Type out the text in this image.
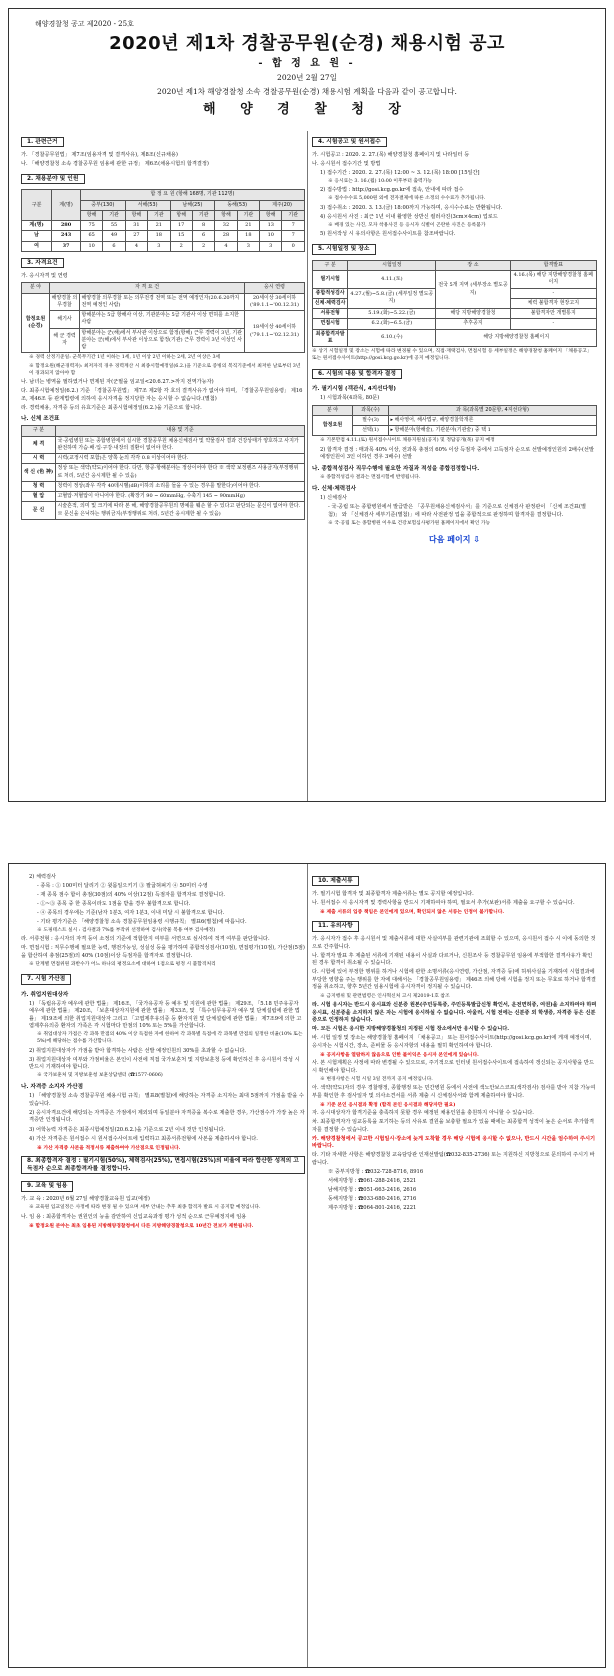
해양경찰청 공고 제2020 - 25호
2020년 제1차 경찰공무원(순경) 채용시험 공고
- 합 정 요 원 -
2020년 2월 27일
2020년 제1차 해양경찰청 소속 경찰공무원(순경) 채용시험 계획을 다음과 같이 공고합니다.
해 양 경 찰 청 장
1. 관련근거

가. 「경찰공무원법」 제7조(임용자격 및 결격사유), 제8조(신규채용)

나. 「해양경찰청 소속 경찰공무원 임용에 관한 규정」 제6조(채용시험의 합격결정)

2. 채용분야 및 인원
구분	계(명)	합 정 요 원 (항해 168명, 기관 112명)									
		중부(130)		서해(53)		남해(25)		동해(53)		제주(20)	
		항해	기관	항해	기관	항해	기관	항해	기관	항해	기관
계(명)	280	75	55	31	21	17	8	32	21	13	7
남	243	65	49	27	18	15	6	28	18	10	7
여	37	10	6	4	3	2	2	4	3	3	0
3. 자격요건

가. 응시자격 및 연령

분 야	자 격 요 건		응시 연령
함정요원(순경)	해양경찰 의무경찰	해양경찰 의무경찰 또는 의무전경 전역 또는 전역 예정인자(20.6.20까지 전역 예정인 사람)	20세이상 30세이하 ('89.1.1~'00.12.31)
	해기사	항해분야는 5급 항해사 이상, 기관분야는 5급 기관사 이상 면허를 소지한 사람	18세이상 40세이하 ('79.1.1~'02.12.31)
	해 군 경력자	항해분야는 군(해)에서 부사관 이상으로 함정(항해) 근무 경력이 3년, 기관분야는 군(해)에서 부사관 이상으로 함정(기관) 근무 경력이 3년 이상인 사람	

※ 경력 산정기준일: 군복무기간 1년 이하는 1세, 1년 이상 2년 이하는 2세, 2년 이상은 3세

※ 함정요원(해군경력자): 최저자격 경우 경력계산 시 최종시험예정일(6.2.)을 기준으로 증빙의 복직기준에서 최저한 날로부터 3년이 경과되지 않아야 함

나. 남녀는 병역을 필하였거나 면제된 자(군필을 임교일<20.6.27.>까지 전역가능자)

다. 최종시험예정일(6.2.) 기준 「경찰공무원법」 제7조 제2항 각 호의 결격사유가 없어야 하며, 「경찰공무원임용령」 제16조, 제46조 등 관계법령에 의하여 응시자격을 정지당한 자는 응시할 수 없습니다.(별첨)

라. 경력채용, 자격증 등의 유효기준은 최종시험예정일(6.2.)을 기준으로 합니다.

나. 신체 조건표
구 분	내용 및 기준
체 격	국·공립병원 또는 종합병원에서 실시한 경찰공무원 채용신체검사 및 약물검사 결과 건강상태가 양호하고 사지가 완전하며 가슴·배·입·구강·내장의 질환이 없어야 한다.
시 력	시력(교정시력 포함)은 양쪽 눈의 각각 0.8 이상이어야 한다.
색 신 (色 神)	정상 또는 색약(약도)이어야 한다. 다만, 항공·항해분야는 정상이어야 한다 ※ 색약 보정렌즈 사용금지(부정행위로 처리, 5년간 응시제한 될 수 있음)
청 력	청력이 정상(좌우 각각 40데시벨(dB)이하의 소리를 들을 수 있는 경우를 말한다)이어야 한다.
혈 압	고혈압·저혈압이 아니어야 한다. (확장기 90 ~ 60mmHg, 수축기 145 ~ 90mmHg)
문 신	시술흔적, 의미 및 크기에 따라 본 해, 해양경찰공무원의 명예를 훼손 할 수 있다고 판단되는 문신이 없어야 한다. ※ 문신을 은닉하는 행위금지(부정행위로 처리, 5년간 응시제한 될 수 있음)
4. 시험공고 및 원서접수

가. 시험공고 : 2020. 2. 27.(목) 해양경찰청 홈페이지 및 나라일터 등

나. 응시원서 접수기간 및 방법

1) 접수기간 : 2020. 2. 27.(목) 12:00 ~ 3. 12.(목) 18:00 [15일간]

※ 응시료는 3. 16.(월) 10:00 이후부터 출력가능

2) 접수방법 : http://gosi.kcg.go.kr에 접속, 안내에 따라 접수

※ 접수수수료 5,000원 외에 전자결제에 따른 소정의 수수료가 추가됩니다.

3) 접수취소 : 2020. 3. 13.(금) 18:00까지 가능하며, 응시수수료는 반환됩니다.

4) 응시원서 사진 : 최근 1년 이내 촬영한 상반신 컬러사진(3cm×4cm) 업로드

※ 배경 있는 사진, 모자 착용사진 등 응시자 식별이 곤란한 사진은 등록불가

5) 원서작성 시 유의사항은 원서접수사이트를 참조바랍니다.

5. 시험일정 및 장소
구 분	시험일정	장 소	합격발표
필기시험	4.11.(토)	전국 5개 지역 (세부장소 별도공지)	4.16.(목) 해당 지방해양경찰청 홈페이지
종합적성검사	4.27.(월)~5.8.(금) (세부일정 별도공지)		-
신체·체력검사			체력 불합격자 현장고지
서류전형	5.19.(화)~5.22.(금)	해당 지방해양경찰청	불합격자만 개별통지
면접시험	6.2.(화)~6.5.(금)	추후공지	-
최종합격자발표	6.10.(수)	해당 지방해양경찰청 홈페이지	

※ 상기 시험일정 및 장소는 시험에 따라 변경될 수 있으며, 직접·재택검사, 면접시험 등 세부일정은 해양경찰청 홈페이지 「채용공고」 또는 원서접수사이트(http://gosi.kcg.go.kr)에 공지 예정입니다.

6. 시험의 내용 및 합격자 결정
가. 필기시험 (객관식, 4지선다형)

1) 시험과목(4과목, 80문)

분 야	과목(수)	과 목(과목별 20문항, 4지선다형)
함정요원	필수(3)	▸ 해사영어, 해사법규, 해양경찰학개론
	선택(1)	▸ 항해분야(항해술), 기관분야(기관술) 중 택 1

※ 기본만점 4.11.(토) 원서접수사이트 채용지원실(공지) 및 정답공개(목) 공지 예정

2) 합격자 결정 : 매과목 40% 이상, 전과목 총점의 60% 이상 득점자 중에서 고득점자 순으로 선발예정인원의 2배수(선발예정인원이 3인 이하인 경우 3배수) 선발

나. 종합적성검사 직무수행에 필요한 자질과 적성을 종합검정합니다.

※ 종합적성검사 결과는 면접시험에 반영됩니다.

다. 신체·체력검사

1) 신체검사

- 국·공립 또는 종합병원에서 발급받은 「공무원채용신체검사서」를 기준으로 신체검사 판정관이 「신체 조건표(별첨)」 와 「신체검사 세부기준(별첨)」에 따라 사전판정 업을 종합적으로 판정하며 합격자를 결정합니다.

※ 국·공립 또는 종합병원 이우로 건강보험심사평가원 홈페이지에서 확인 가능

다음 페이지 ⇩

2) 체력검사

- 종목 : ① 100미터 달리기 ② 윗몸일으키기 ③ 팔굽혀펴기 ④ 50미터 수영

- 재 종목 점수 합이 총점(30점)의 40% 이상(12점) 득점자를 합격자로 결정합니다.

- ①~③ 종목 중 한 종목이라도 1점을 받을 경우 불합격으로 합니다.

- ④ 종목의 경우에는 기준(남자 1분3, 여자 1분3, 이내 미달 시 불합격으로 합니다.

- 기타 평가기준은 「해양경찰청 소속 경찰공무원임용령 시행규칙」 별표6(별첨)에 따릅니다.

※ 도핑테스트 실시 : 검사결과 7%를 부작위 선정하여 검사(약물 복용 여부 검사예정)

라. 서류전형 : 응시자의 자격 등이 소정의 기준에 적합한지 여부를 서면으로 심사하여 적격 여부를 판단합니다.

마. 면접시험 : 직무수행에 필요한 능력, 행전가능성, 성실성 등을 평가하며 종합적성검사(10점), 면접평가(10점), 가산점(5점)을 합산하여 총점(25점)의 40% (10점)이상 득점자를 합격자로 결정합니다.

※ 단계별 면접위원 과반수가 어느 하나의 평정요소에 대하여 1점으로 평정 시 불합격처리

7. 시험 가산점
가. 취업지원대상자

1) 「독립유공자 예우에 관한 법률」 제16조, 「국가유공자 등 예우 및 지원에 관한 법률」 제29조, 「5.18 민주유공자 예우에 관한 법률」 제20조, 「보훈대상자지원에 관한 법률」 제33조, 및 「특수임무유공자 예우 및 단체설립에 관한 법률」 제19조에 의한 취업지원대상자 그리고 「고엽제후유의증 등 환자지원 및 단체설립에 관한 법률」 제7조9에 의한 고엽제후유의증 환자의 가족은 각 시험마다 만점의 10% 또는 5%를 가산합니다.

※ 취업대상자 가점은 각 과목 만점의 40% 이상 득점한 자에 한하여 각 과목별 득점에 각 과목별 만점의 일정한 비율(10% 또는 5%)에 해당하는 점수를 가산합니다.

2) 취업지원대상자가 가점을 받아 합격하는 사람은 선발 예정인원의 30%를 초과할 수 없습니다.

3) 취업지원대상자 여부와 가점비율은 본인이 사전에 직접 국가보훈처 및 지방보훈청 등에 확인하신 후 응시원서 작성 시 반드시 기재하여야 합니다.

※ 국가보훈처 및 지방보훈청 보훈상담센터 (☎1577-0606)

나. 자격증 소지자 가산점

1) 「해양경찰청 소속 경찰공무원 채용시험 규칙」 별표8(별첨)에 해당하는 자격증 소지자는 최대 5점까지 가점을 받을 수 있습니다.

2) 응시자격요건에 해당되는 자격증은 가점에서 제외되며 동일분야 자격증을 복수로 제출한 경우, 가산점수가 가장 높은 자격증만 인정됩니다.

3) 어학능력 자격증은 최종시험예정일(20.6.2.)을 기준으로 2년 이내 것만 인정됩니다.

4) 가산 자격증은 원서접수 시 원서접수사이트에 입력하고 최종서류전형에 사본을 제출하셔야 합니다.

※ 가산 자격증 사본을 적정서류 제출하여야 가산점으로 인정됩니다.

8. 최종합격자 결정 : 필기시험(50%), 체력검사(25%), 면접시험(25%)의 비율에 따라 합산한 성적의 고득점자 순으로 최종합격자를 결정합니다.
9. 교육 및 임용

가. 교 육 : 2020년 6월 27일 해양경찰교육원 입교(예정)

※ 교육원 입교일정은 사정에 따라 변경 될 수 있으며 세부 안내는 추후 최종 합격자 발표 시 공지할 예정입니다.

나. 임 용 : 최종합격자는 권원인의 능을 감안하여 신입교육과정 평가 성적 순으로 근무예정지에 임용

※ 합정요원 분야는 최초 임용된 지방해양경찰청에서 다른 지방해양경찰청으로 10년간 전보가 제한됩니다.

10. 제출서류

가. 필기시험 합격자 및 최종합격자 제출서류는 별도 공지할 예정입니다.

나. 원서접수 시 응시자격 및 경력사항을 반드시 기재하여야 하며, 필요서 추가(보완)서류 제출을 요구할 수 있습니다.

※ 제출 서류의 입증 책임은 본인에게 있으며, 확인되지 않은 서류는 인정이 불가합니다.

11. 유의사항

가. 응시자가 접수 후 응시원서 및 제출서류에 대한 사실여부를 관련기관에 조회할 수 있으며, 응시원서 접수 시 이에 동의한 것으로 간주합니다.

나. 합격자 발표 후 제출된 서류에 기재된 내용이 사실과 다르거나, 신원조사 등 경찰공무원 임용에 부적합한 결격사유가 확인된 경우 합격이 취소될 수 있습니다.

다. 시험에 있어 부정한 행위를 하거나 시험에 관한 소명서류(응시연령, 가산점, 자격증 등)에 허위사실을 기재하여 시험결과에 부당한 영향을 주는 행위를 한 자에 대해서는 「경찰공무원임용령」 제46조 의해 당해 시험을 정지 또는 무효로 하거나 합격결정을 취소하고, 향후 5년간 임용시험에 응시자격이 정지될 수 있습니다.

※ 금지행위 및 관련법령은 인사혁신처 고시 제2019-1호 참조

라. 시험 응시자는 반드시 응시표와 신분증 원본(주민등록증, 주민등록발급신청 확인서, 운전면허증, 여권)을 소지하여야 하며 응시표, 신분증을 소지하지 않은 자는 시험에 응시하실 수 없습니다. 아울러, 시험 전에는 신분증 외 학생증, 자격증 등은 신분증으로 인정하지 않습니다.

마. 모든 시험은 응시한 지방해양경찰청의 지정된 시험 장소에서만 응시할 수 있습니다.

바. 시험 일정 및 장소는 해양경찰청 홈페이지 「채용공고」 또는 원서접수사이트(http://gosi.kcg.go.kr)에 게재 예정이며, 응시자는 시험시간, 장소, 준비물 등 응시자항의 내용을 필히 확인하여야 합니다.

※ 공지사항을 열람하지 않음으로 인한 불이익은 응시자 본인에게 있습니다.

사. 본 시험계획은 사정에 따라 변경될 수 있으므로, 주기적으로 인터넷 원서접수사이트에 접속하여 갱신되는 공지사항을 반드시 확인해야 합니다.

※ 변경사항은 시험 시일 3일 전까지 공지 예정입니다.

아. 색약(약도)자의 경우 경찰행정, 종합행정 또는 민간병원 등에서 사전에 색노안보스코프(색각검사) 검사를 받아 지참 가능여부를 확인한 후 검사일자 및 의사소견서를 서류 제출 시 신체검사서와 함께 제출하여야 합니다.

※ 기준 본인 응시결과 확정 (합격 본인 응시결과 해당자만 필요)

자. 응시대상자가 합격기준을 충족하지 못할 경우 예정된 채용인원을 충원하지 아니할 수 있습니다.

차. 최종합격자가 임교등록을 포기하는 등의 사유로 결원을 보충할 필요가 있을 때에는 최종합격 성적이 높은 순서로 추가합격자를 결정할 수 있습니다.

카. 해양경찰청에서 공고한 시험일시·장소에 늦게 도착할 경우 해당 시험에 응시할 수 없으나, 반드시 시간을 엄수하여 주시기 바랍니다.

타. 기타 자세한 사항은 해양경찰청 교육담당관 인재선발팀(☎032-835-2736) 또는 지원하신 지방청으로 문의하여 주시기 바랍니다.

※ 중부지방청 : ☎032-728-8716, 8916

서해지방청 : ☎061-288-2416, 2521

남해지방청 : ☎051-663-2416, 2616

동해지방청 : ☎033-680-2416, 2716

제주지방청 : ☎064-801-2416, 2221
